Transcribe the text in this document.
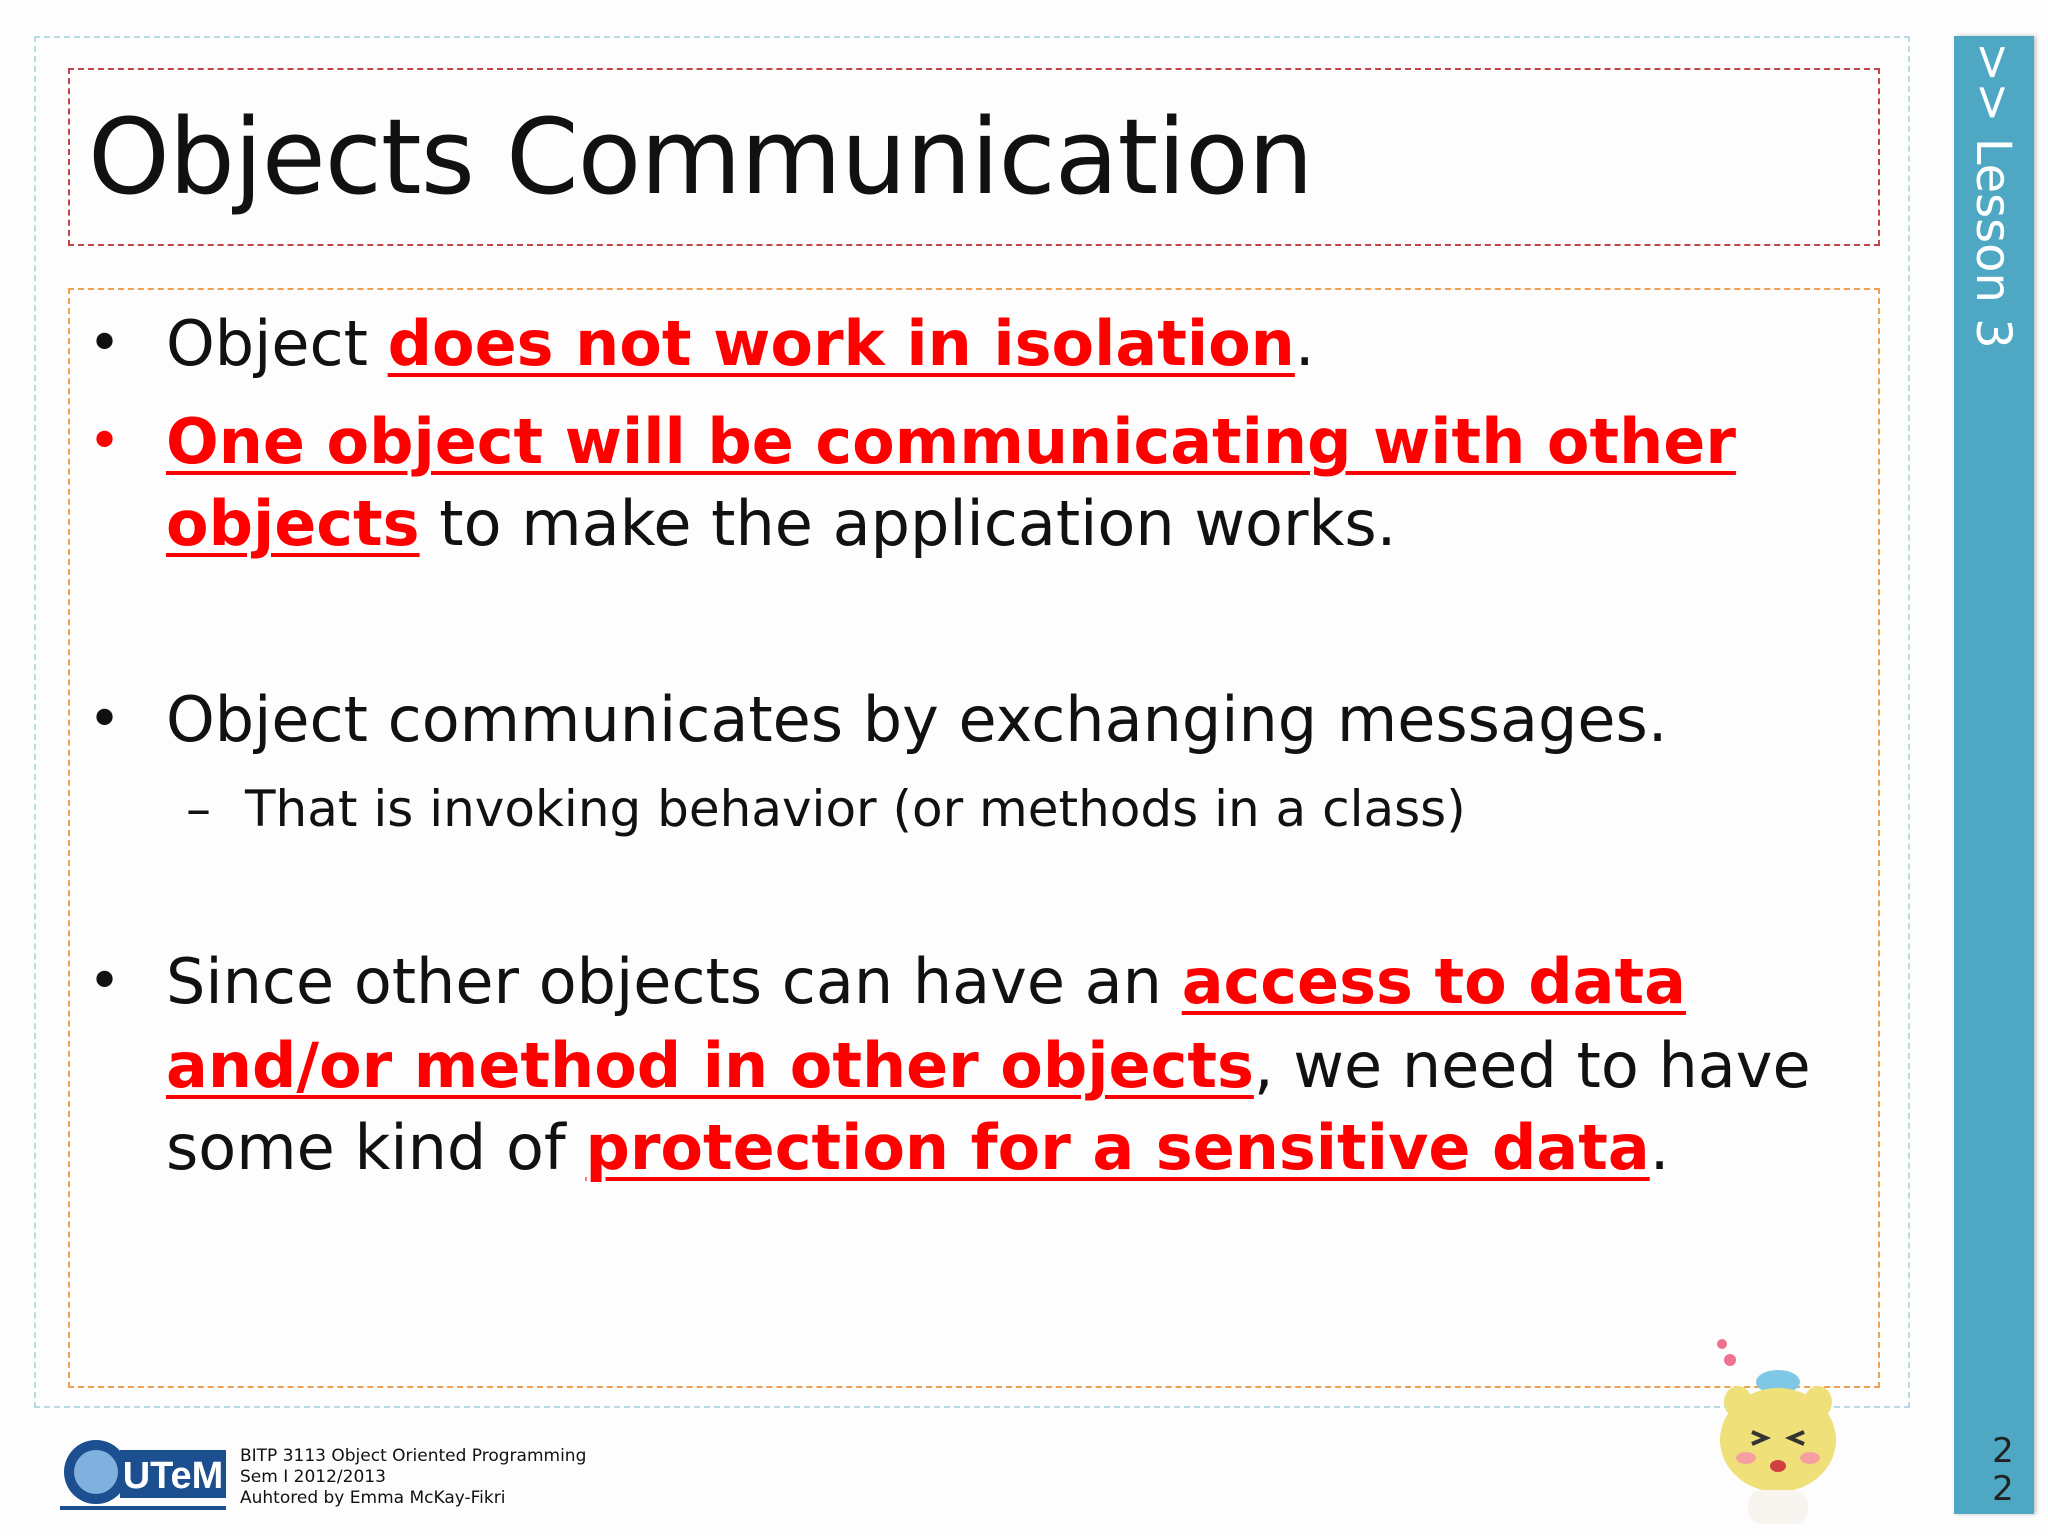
Objects Communication
• Object does not work in isolation.
• One object will be communicating with other
objects to make the application works.
• Object communicates by exchanging messages.
– That is invoking behavior (or methods in a class)
• Since other objects can have an access to data
and/or method in other objects, we need to have
some kind of protection for a sensitive data.
>> Lesson 3
2
2
UTeM BITP 3113 Object Oriented Programming
Sem I 2012/2013
Auhtored by Emma McKay-Fikri
